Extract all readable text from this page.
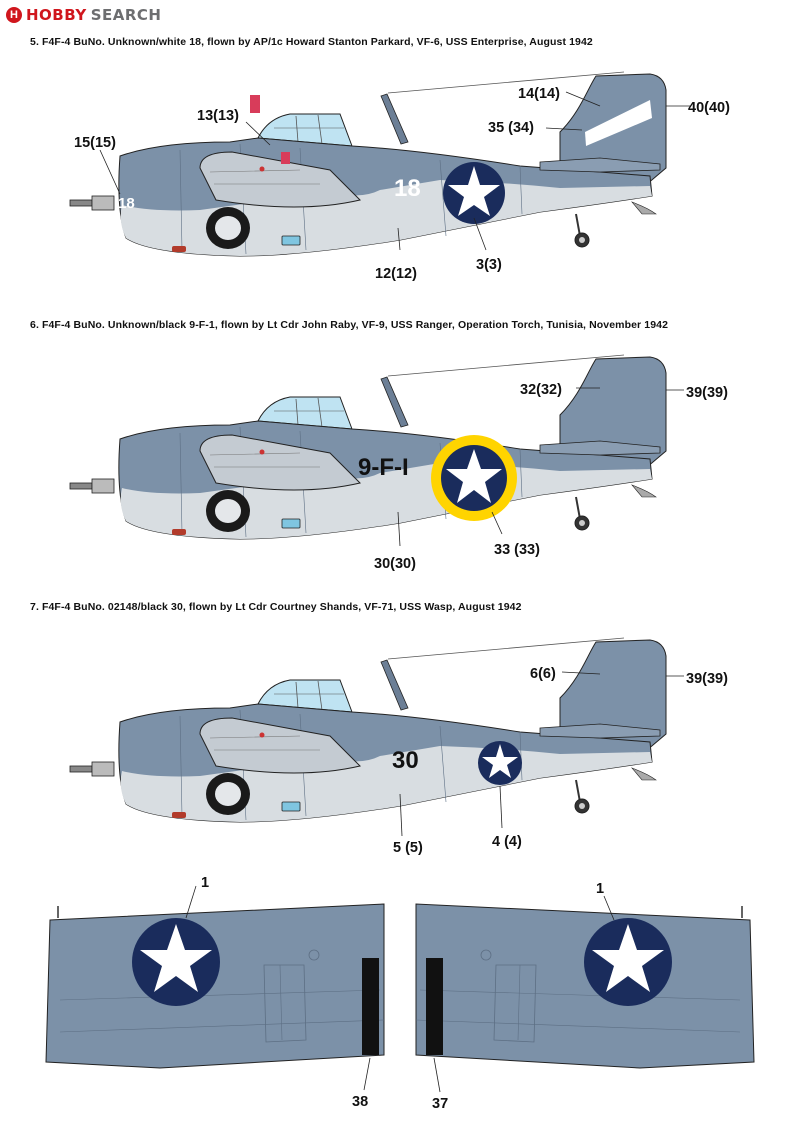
H HOBBY SEARCH
5. F4F-4 BuNo. Unknown/white 18, flown by AP/1c Howard Stanton Parkard, VF-6, USS Enterprise, August 1942
6. F4F-4 BuNo. Unknown/black 9-F-1, flown by Lt Cdr John Raby, VF-9, USS Ranger, Operation Torch, Tunisia, November 1942
7. F4F-4 BuNo. 02148/black 30, flown by Lt Cdr Courtney Shands, VF-71, USS Wasp, August 1942
18
18
15(15)
13(13)
14(14)
35 (34)
40(40)
3(3)
12(12)
9-F-I
32(32)	39(39)
33 (33)
30(30)
30
6(6)	39(39)
5 (5)	4 (4)
1
38
1
37
